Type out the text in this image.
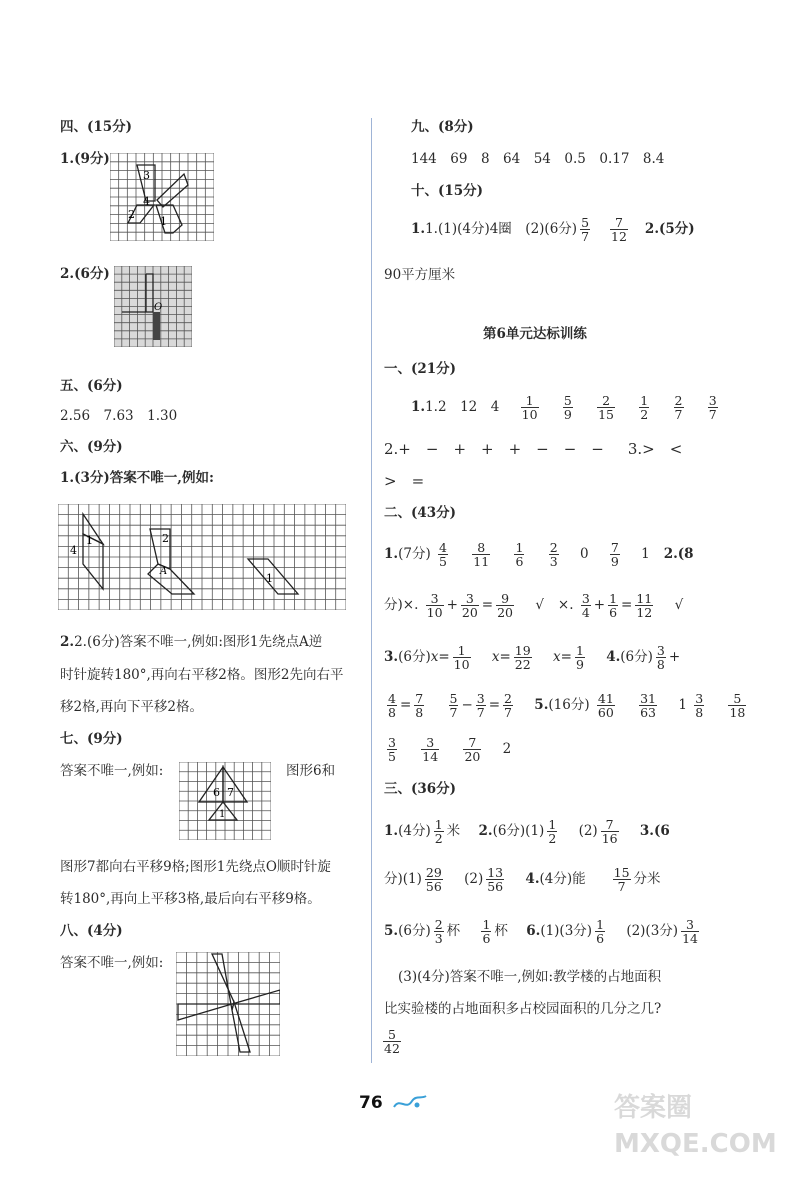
四、(15分)
1.(9分)
3
4
2
1
2.(6分)
O
五、(6分)
2.56　7.63　1.30
六、(9分)
1.(3分)答案不唯一,例如:
4
1	2
A
1
2.2.(6分)答案不唯一,例如:图形1先绕点A逆
时针旋转180°,再向右平移2格。图形2先向右平
移2格,再向下平移2格。
七、(9分)
答案不唯一,例如:	图形6和
6 7
1
图形7都向右平移9格;图形1先绕点O顺时针旋
转180°,再向上平移3格,最后向右平移9格。
八、(4分)
答案不唯一,例如:
九、(8分)
144　69　8　64　54　0.5　0.17　8.4
十、(15分)
1.1.(1)(4分)4圈　(2)(6分) $\frac{5}{7} \frac{7}{12} 2.(5$分)
90平方厘米
第6单元达标训练
一、(21分)
1.1.2　12　$4 \frac{1}{10}$
$\frac{5}{9}$
$\frac{2}{15}$
$\frac{1}{2}$
$\frac{2}{7}$
$\frac{3}{7}$
2.+　−　+　+　+　−　−　− 3.>　<
>　=
二、(43分)
1.(7分) $\frac{4}{5}$
$\frac{8}{11}$
$\frac{1}{6}$
$\frac{2}{3} 0 \frac{7}{9} 1$ 2.(8
分)×. $\frac{3}{10} + \frac{3}{20} = \frac{9}{20}$ √ ×. $\frac{3}{4} + \frac{1}{6} = \frac{11}{12}$ √
3.(6分)$x= \frac{1}{10} x= \frac{19}{22} x= \frac{1}{9} 4.(6$分) $\frac{3}{8}$ +
$\frac{4}{8} = \frac{7}{8}$
$\frac{5}{7} - \frac{3}{7} = \frac{2}{7} 5.(16$分) $\frac{41}{60}$
$\frac{31}{63} 1 \frac{3}{8}$
$\frac{5}{18}$
$\frac{3}{5}$
$\frac{3}{14}$
$\frac{7}{20} 2$
三、(36分)
1.(4分) $\frac{1}{2}$ 米 2.(6分)$(1) \frac{1}{2} (2) \frac{7}{16} 3.(6$
分)$(1) \frac{29}{56} (2) \frac{13}{56} 4.(4$分)能 $\frac{15}{7}$ 分米
5.(6分) $\frac{2}{3}$ 杯 $\frac{1}{6}$ 杯 6.(1)(3分) $\frac{1}{6} (2)(3$分) $\frac{3}{14}$
(3)(4分)答案不唯一,例如:教学楼的占地面积
比实验楼的占地面积多占校园面积的几分之几?
$\frac{5}{42}$
76	答案圈 MXQE.COM
